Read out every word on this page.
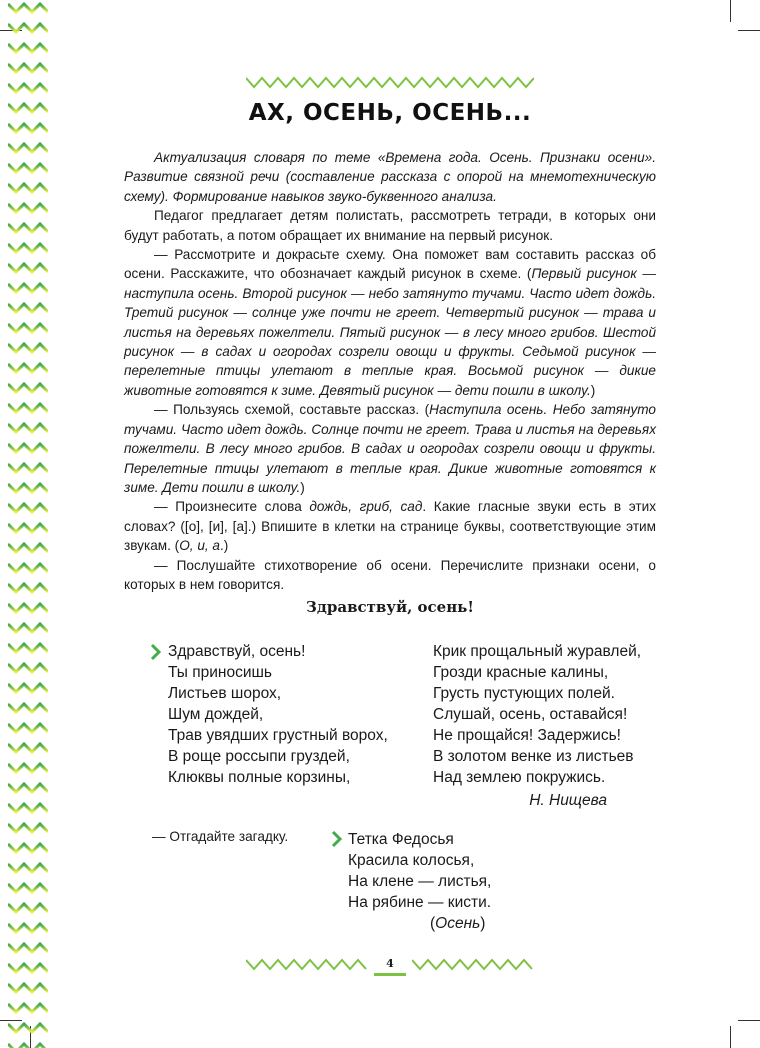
АХ, ОСЕНЬ, ОСЕНЬ...

Актуализация словаря по теме «Времена года. Осень. Признаки осени». Развитие связной речи (составление рассказа с опорой на мнемотехническую схему). Формирование навыков звуко-буквенного анализа.

Педагог предлагает детям полистать, рассмотреть тетради, в которых они будут работать, а потом обращает их внимание на первый рисунок.

— Рассмотрите и докрасьте схему. Она поможет вам составить рассказ об осени. Расскажите, что обозначает каждый рисунок в схеме. (Первый рисунок — наступила осень. Второй рисунок — небо затянуто тучами. Часто идет дождь. Третий рисунок — солнце уже почти не греет. Четвертый рисунок — трава и листья на деревьях пожелтели. Пятый рисунок — в лесу много грибов. Шестой рисунок — в садах и огородах созрели овощи и фрукты. Седьмой рисунок — перелетные птицы улетают в теплые края. Восьмой рисунок — дикие животные готовятся к зиме. Девятый рисунок — дети пошли в школу.)

— Пользуясь схемой, составьте рассказ. (Наступила осень. Небо затянуто тучами. Часто идет дождь. Солнце почти не греет. Трава и листья на деревьях пожелтели. В лесу много грибов. В садах и огородах созрели овощи и фрукты. Перелетные птицы улетают в теплые края. Дикие животные готовятся к зиме. Дети пошли в школу.)

— Произнесите слова дождь, гриб, сад. Какие гласные звуки есть в этих словах? ([о], [и], [а].) Впишите в клетки на странице буквы, соответствующие этим звукам. (О, и, а.)

— Послушайте стихотворение об осени. Перечислите признаки осени, о которых в нем говорится.

Здравствуй, осень!
Здравствуй, осень!
Ты приносишь
Листьев шорох,
Шум дождей,
Трав увядших грустный ворох,
В роще россыпи груздей,
Клюквы полные корзины,
Крик прощальный журавлей,
Грозди красные калины,
Грусть пустующих полей.
Слушай, осень, оставайся!
Не прощайся! Задержись!
В золотом венке из листьев
Над землею покружись.
Н. Нищева
— Отгадайте загадку.	Тетка Федосья
Красила колосья,
На клене — листья,
На рябине — кисти.
(Осень)
4
